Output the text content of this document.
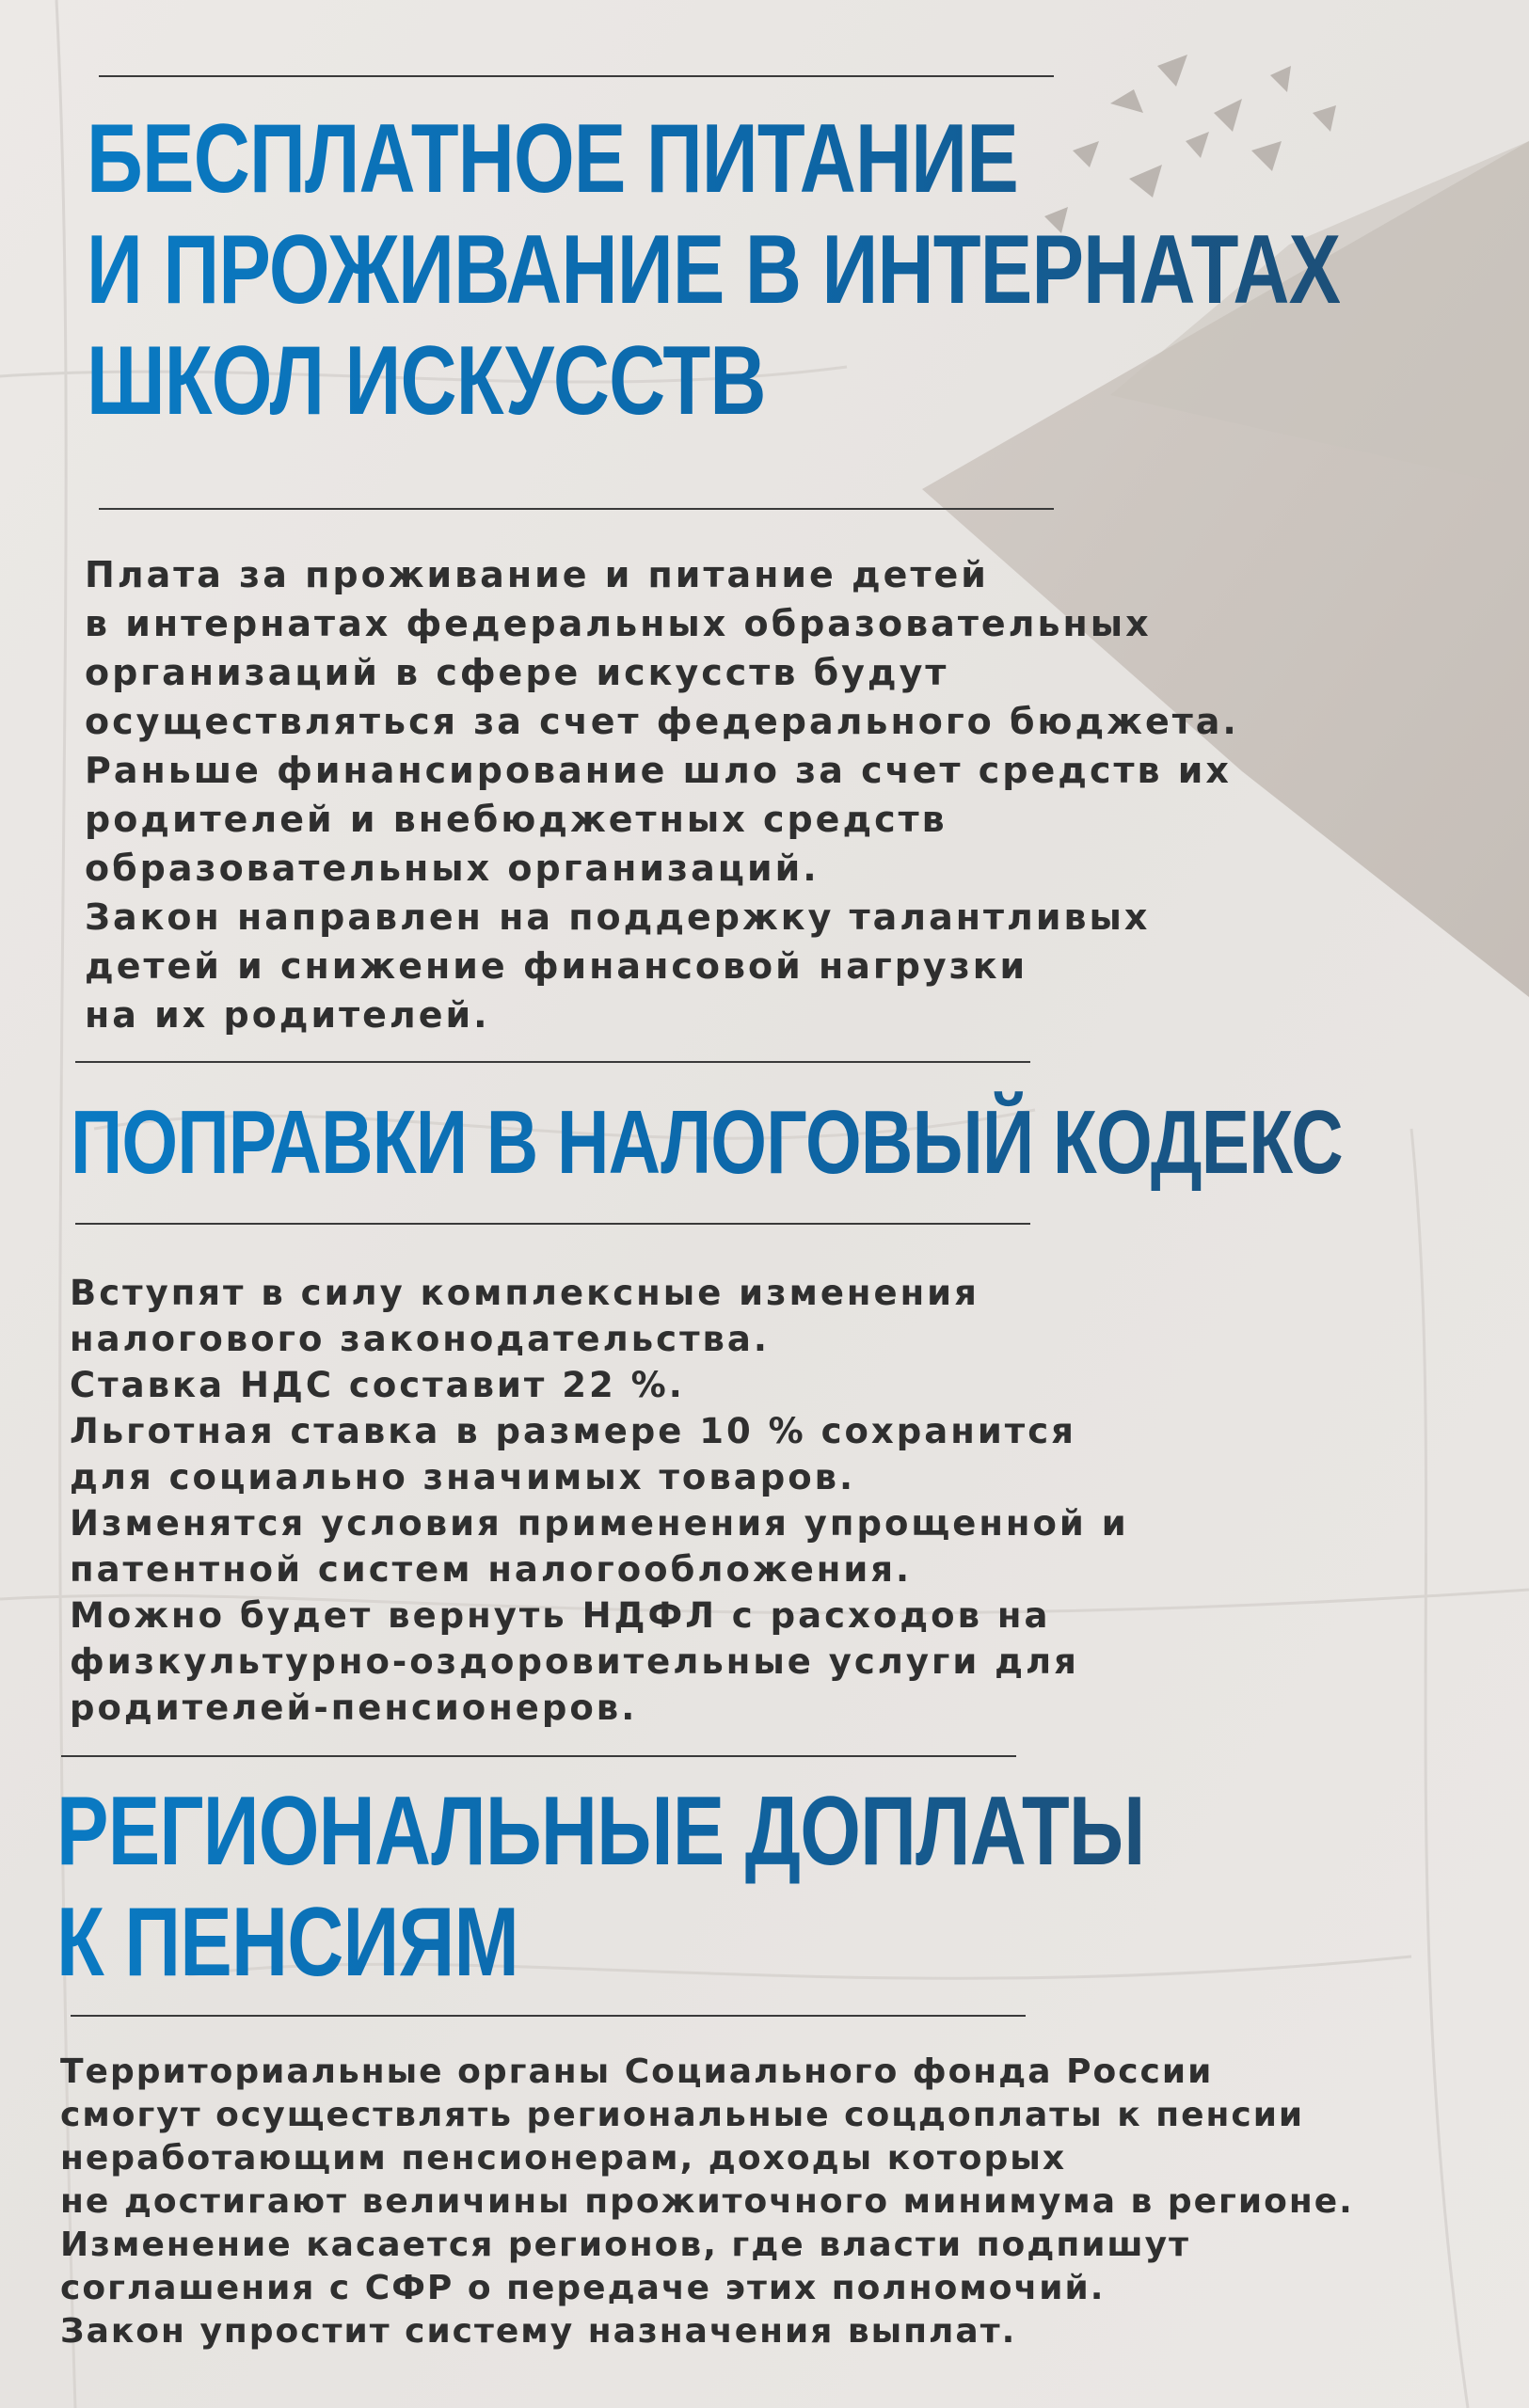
БЕСПЛАТНОЕ ПИТАНИЕ
И ПРОЖИВАНИЕ В ИНТЕРНАТАХ
ШКОЛ ИСКУССТВ
Плата за проживание и питание детей
в интернатах федеральных образовательных
организаций в сфере искусств будут
осуществляться за счет федерального бюджета.
Раньше финансирование шло за счет средств их
родителей и внебюджетных средств
образовательных организаций.
Закон направлен на поддержку талантливых
детей и снижение финансовой нагрузки
на их родителей.
ПОПРАВКИ В НАЛОГОВЫЙ КОДЕКС
Вступят в силу комплексные изменения
налогового законодательства.
Ставка НДС составит 22 %.
Льготная ставка в размере 10 % сохранится
для социально значимых товаров.
Изменятся условия применения упрощенной и
патентной систем налогообложения.
Можно будет вернуть НДФЛ с расходов на
физкультурно-оздоровительные услуги для
родителей-пенсионеров.
РЕГИОНАЛЬНЫЕ ДОПЛАТЫ
К ПЕНСИЯМ
Территориальные органы Социального фонда России
смогут осуществлять региональные соцдоплаты к пенсии
неработающим пенсионерам, доходы которых
не достигают величины прожиточного минимума в регионе.
Изменение касается регионов, где власти подпишут
соглашения с СФР о передаче этих полномочий.
Закон упростит систему назначения выплат.
